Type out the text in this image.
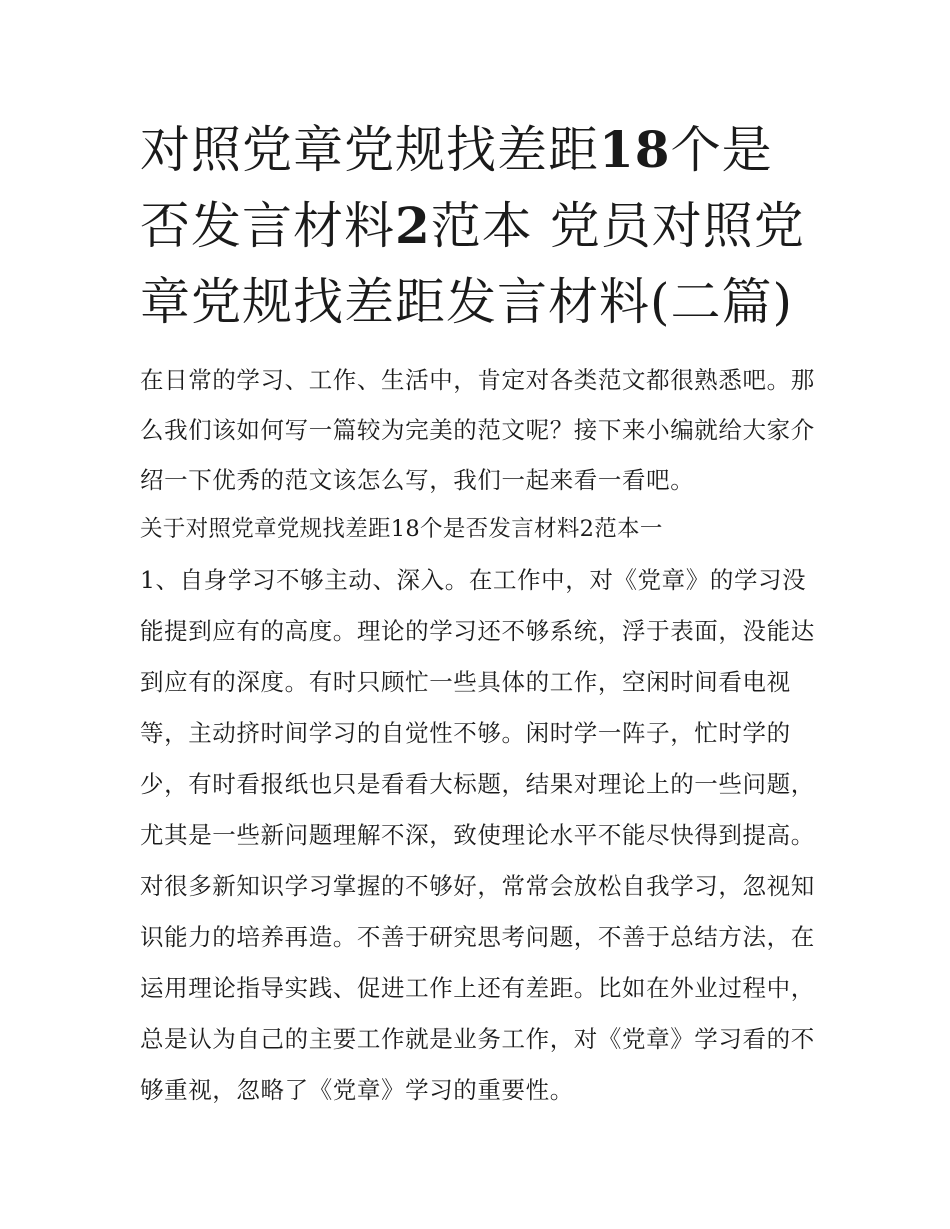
对照党章党规找差距18个是否发言材料2范本 党员对照党章党规找差距发言材料(二篇)

在日常的学习、工作、生活中，肯定对各类范文都很熟悉吧。那么我们该如何写一篇较为完美的范文呢？接下来小编就给大家介绍一下优秀的范文该怎么写，我们一起来看一看吧。

关于对照党章党规找差距18个是否发言材料2范本一

1、自身学习不够主动、深入。在工作中，对《党章》的学习没能提到应有的高度。理论的学习还不够系统，浮于表面，没能达到应有的深度。有时只顾忙一些具体的工作，空闲时间看电视等，主动挤时间学习的自觉性不够。闲时学一阵子，忙时学的少，有时看报纸也只是看看大标题，结果对理论上的一些问题，尤其是一些新问题理解不深，致使理论水平不能尽快得到提高。对很多新知识学习掌握的不够好，常常会放松自我学习，忽视知识能力的培养再造。不善于研究思考问题，不善于总结方法，在运用理论指导实践、促进工作上还有差距。比如在外业过程中，总是认为自己的主要工作就是业务工作，对《党章》学习看的不够重视，忽略了《党章》学习的重要性。
